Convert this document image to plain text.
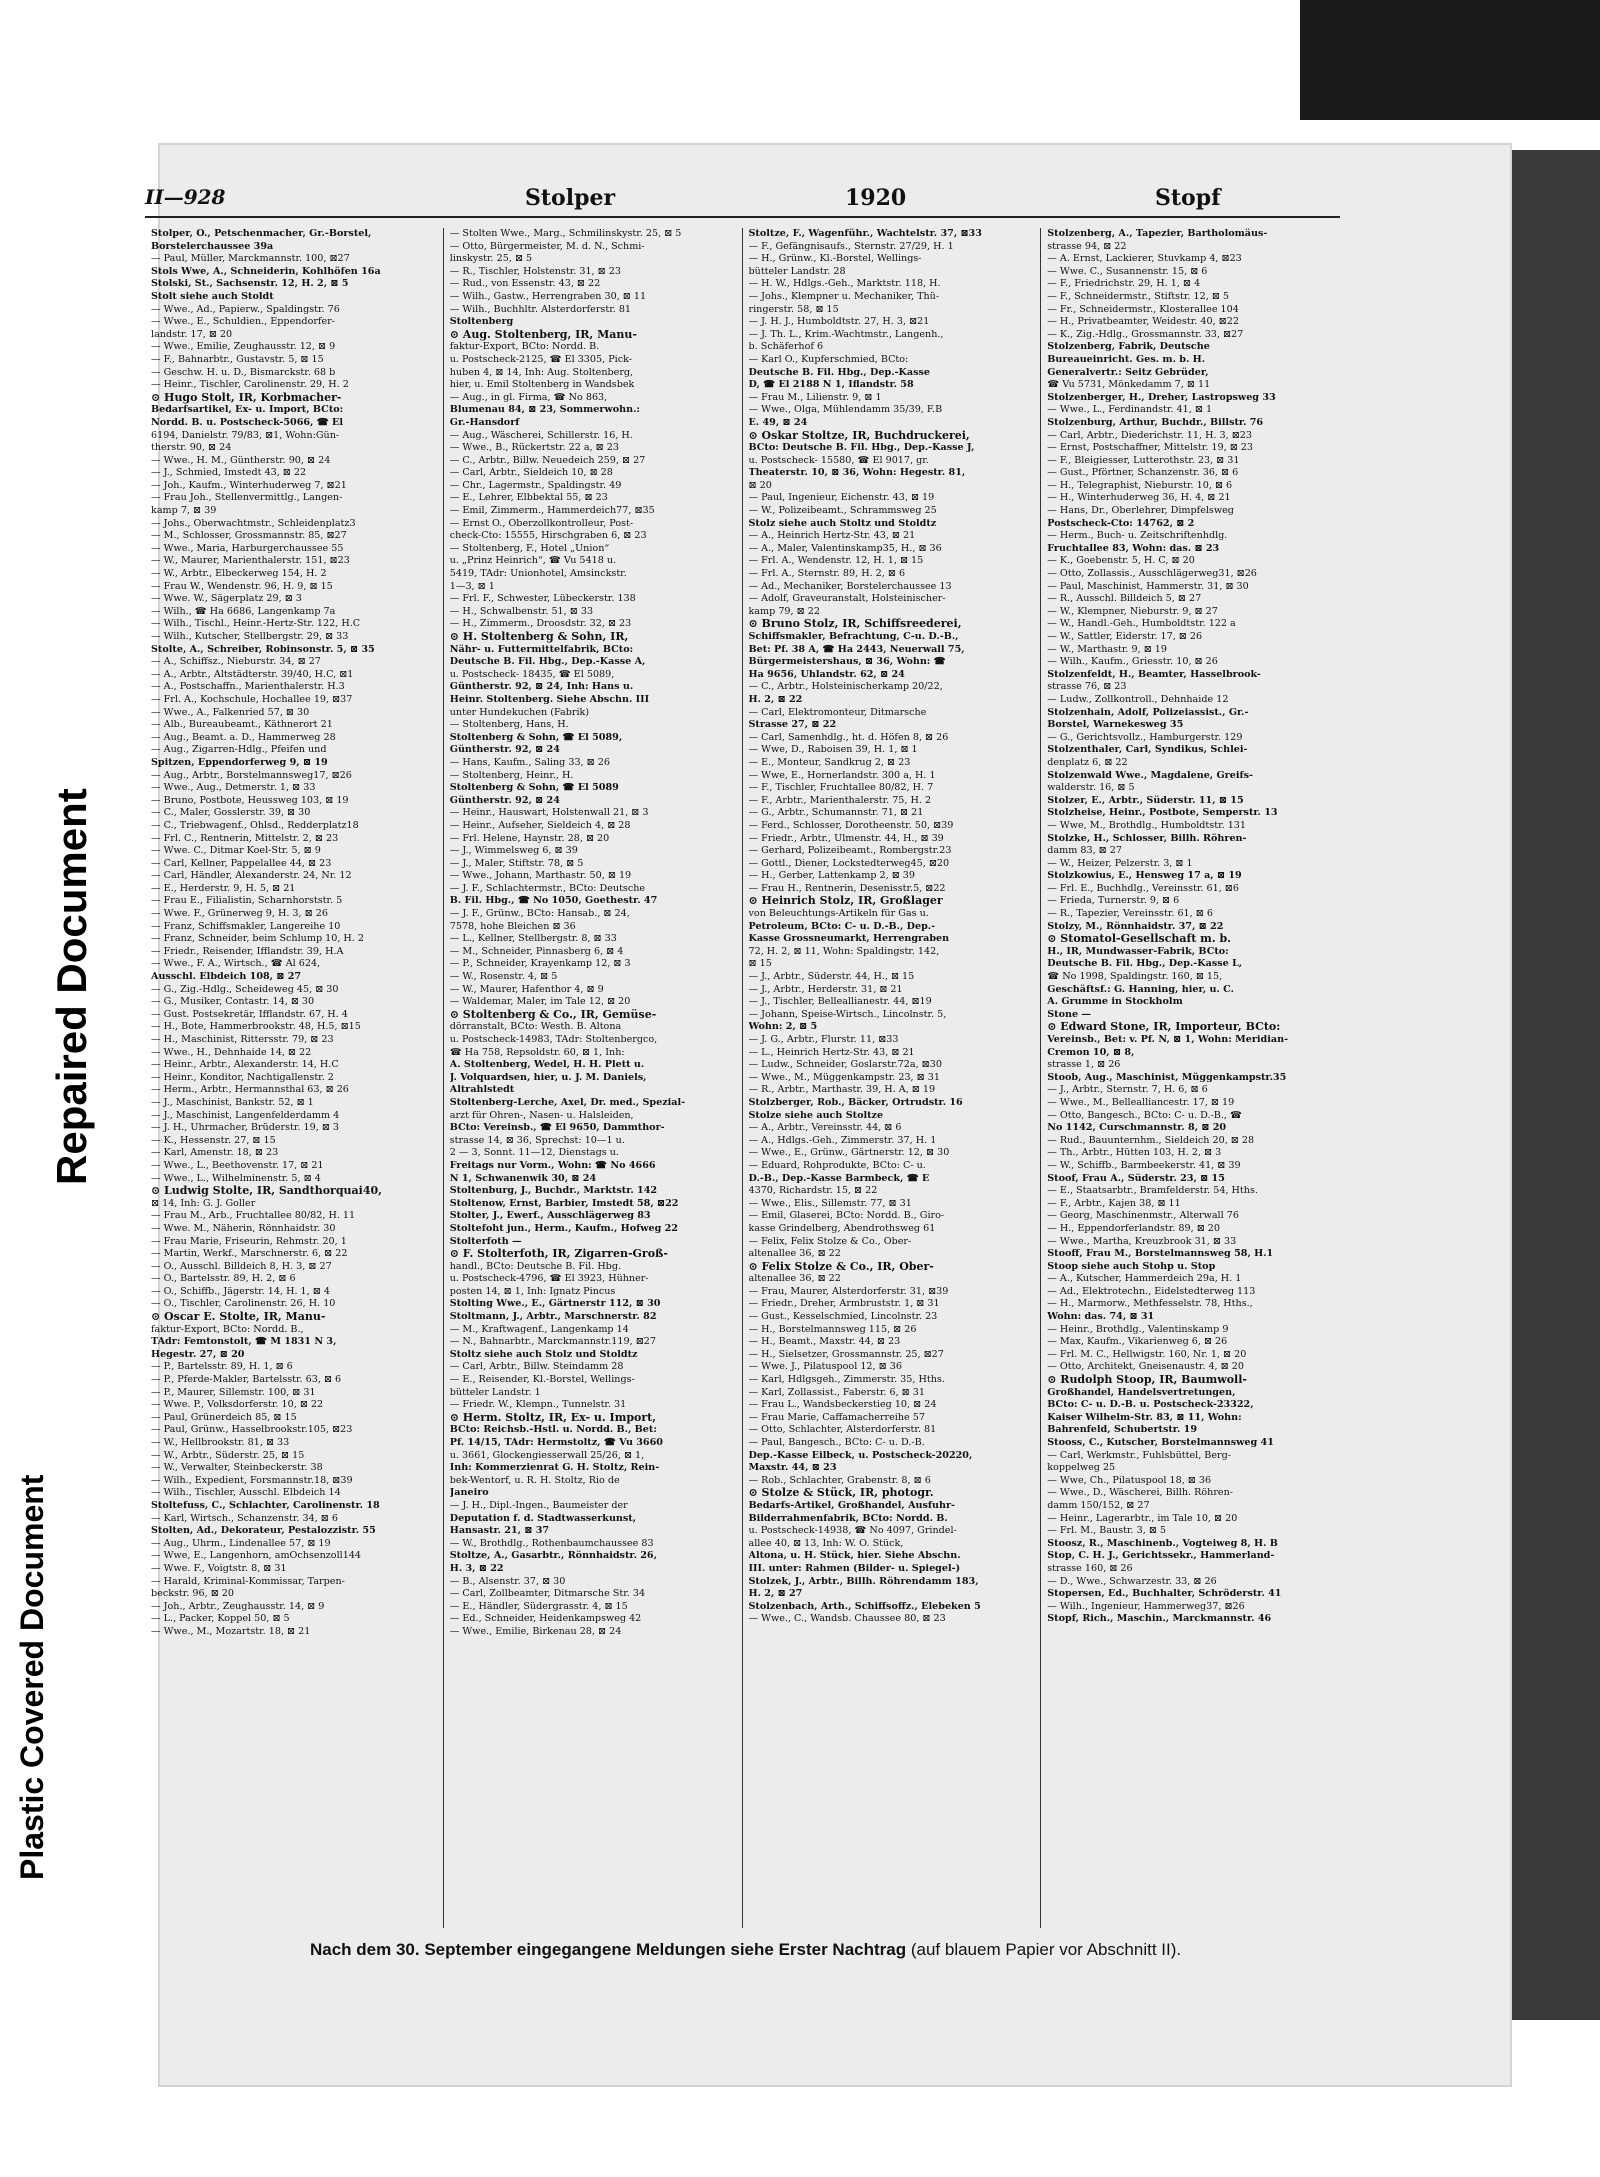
Repaired Document
Plastic Covered Document
II—928	Stolper	1920	Stopf
Stolper, O., Petschenmacher, Gr.-Borstel,
Borstelerchaussee 39a
— Paul, Müller, Marckmannstr. 100, ⊠27
Stols Wwe, A., Schneiderin, Kohlhöfen 16a
Stolski, St., Sachsenstr. 12, H. 2, ⊠ 5
Stolt siehe auch Stoldt
— Wwe., Ad., Papierw., Spaldingstr. 76
— Wwe., E., Schuldien., Eppendorfer-
landstr. 17, ⊠ 20
— Wwe., Emilie, Zeughausstr. 12, ⊠ 9
— F., Bahnarbtr., Gustavstr. 5, ⊠ 15
— Geschw. H. u. D., Bismarckstr. 68 b
— Heinr., Tischler, Carolinenstr. 29, H. 2
⊙ Hugo Stolt, IR, Korbmacher-
Bedarfsartikel, Ex- u. Import, BCto:
Nordd. B. u. Postscheck-5066, ☎ El
6194, Danielstr. 79/83, ⊠1, Wohn:Gün-
therstr. 90, ⊠ 24
— Wwe., H. M., Güntherstr. 90, ⊠ 24
— J., Schmied, Imstedt 43, ⊠ 22
— Joh., Kaufm., Winterhuderweg 7, ⊠21
— Frau Joh., Stellenvermittlg., Langen-
kamp 7, ⊠ 39
— Johs., Oberwachtmstr., Schleidenplatz3
— M., Schlosser, Grossmannstr. 85, ⊠27
— Wwe., Maria, Harburgerchaussee 55
— W., Maurer, Marienthalerstr. 151, ⊠23
— W., Arbtr., Elbeckerweg 154, H. 2
— Frau W., Wendenstr. 96, H. 9, ⊠ 15
— Wwe. W., Sägerplatz 29, ⊠ 3
— Wilh., ☎ Ha 6686, Langenkamp 7a
— Wilh., Tischl., Heinr.-Hertz-Str. 122, H.C
— Wilh., Kutscher, Stellbergstr. 29, ⊠ 33
Stolte, A., Schreiber, Robinsonstr. 5, ⊠ 35
— A., Schiffsz., Nieburstr. 34, ⊠ 27
— A., Arbtr., Altstädterstr. 39/40, H.C, ⊠1
— A., Postschaffn., Marienthalerstr. H.3
— Frl. A., Kochschule, Hochallee 19, ⊠37
— Wwe., A., Falkenried 57, ⊠ 30
— Alb., Bureaubeamt., Käthnerort 21
— Aug., Beamt. a. D., Hammerweg 28
— Aug., Zigarren-Hdlg., Pfeifen und
Spitzen, Eppendorferweg 9, ⊠ 19
— Aug., Arbtr., Borstelmannsweg17, ⊠26
— Wwe., Aug., Detmerstr. 1, ⊠ 33
— Bruno, Postbote, Heussweg 103, ⊠ 19
— C., Maler, Gosslerstr. 39, ⊠ 30
— C., Triebwagenf., Ohlsd., Redderplatz18
— Frl. C., Rentnerin, Mittelstr. 2, ⊠ 23
— Wwe. C., Ditmar Koel-Str. 5, ⊠ 9
— Carl, Kellner, Pappelallee 44, ⊠ 23
— Carl, Händler, Alexanderstr. 24, Nr. 12
— E., Herderstr. 9, H. 5, ⊠ 21
— Frau E., Filialistin, Scharnhorststr. 5
— Wwe. F., Grünerweg 9, H. 3, ⊠ 26
— Franz, Schiffsmakler, Langereihe 10
— Franz, Schneider, beim Schlump 10, H. 2
— Friedr., Reisender, Ifflandstr. 39, H.A
— Wwe., F. A., Wirtsch., ☎ Al 624,
Ausschl. Elbdeich 108, ⊠ 27
— G., Zig.-Hdlg., Scheideweg 45, ⊠ 30
— G., Musiker, Contastr. 14, ⊠ 30
— Gust. Postsekretär, Ifflandstr. 67, H. 4
— H., Bote, Hammerbrookstr. 48, H.5, ⊠15
— H., Maschinist, Rittersstr. 79, ⊠ 23
— Wwe., H., Dehnhaide 14, ⊠ 22
— Heinr., Arbtr., Alexanderstr. 14, H.C
— Heinr., Konditor, Nachtigallenstr. 2
— Herm., Arbtr., Hermannsthal 63, ⊠ 26
— J., Maschinist, Bankstr. 52, ⊠ 1
— J., Maschinist, Langenfelderdamm 4
— J. H., Uhrmacher, Brüderstr. 19, ⊠ 3
— K., Hessenstr. 27, ⊠ 15
— Karl, Amenstr. 18, ⊠ 23
— Wwe., L., Beethovenstr. 17, ⊠ 21
— Wwe., L., Wilhelminenstr. 5, ⊠ 4
⊙ Ludwig Stolte, IR, Sandthorquai40,
⊠ 14, Inh: G. J. Goller
— Frau M., Arb., Fruchtallee 80/82, H. 11
— Wwe. M., Näherin, Rönnhaidstr. 30
— Frau Marie, Friseurin, Rehmstr. 20, 1
— Martin, Werkf., Marschnerstr. 6, ⊠ 22
— O., Ausschl. Billdeich 8, H. 3, ⊠ 27
— O., Bartelsstr. 89, H. 2, ⊠ 6
— O., Schiffb., Jägerstr. 14, H. 1, ⊠ 4
— O., Tischler, Carolinenstr. 26, H. 10
⊙ Oscar E. Stolte, IR, Manu-
faktur-Export, BCto: Nordd. B.,
TAdr: Femtonstolt, ☎ M 1831 N 3,
Hegestr. 27, ⊠ 20
— P., Bartelsstr. 89, H. 1, ⊠ 6
— P., Pferde-Makler, Bartelsstr. 63, ⊠ 6
— P., Maurer, Sillemstr. 100, ⊠ 31
— Wwe. P., Volksdorferstr. 10, ⊠ 22
— Paul, Grünerdeich 85, ⊠ 15
— Paul, Grünw., Hasselbrookstr.105, ⊠23
— W., Hellbrookstr. 81, ⊠ 33
— W., Arbtr., Süderstr. 25, ⊠ 15
— W., Verwalter, Steinbeckerstr. 38
— Wilh., Expedient, Forsmannstr.18, ⊠39
— Wilh., Tischler, Ausschl. Elbdeich 14
Stoltefuss, C., Schlachter, Carolinenstr. 18
— Karl, Wirtsch., Schanzenstr. 34, ⊠ 6
Stolten, Ad., Dekorateur, Pestalozzistr. 55
— Aug., Uhrm., Lindenallee 57, ⊠ 19
— Wwe, E., Langenhorn, amOchsenzoll144
— Wwe. F., Voigtstr. 8, ⊠ 31
— Harald, Kriminal-Kommissar, Tarpen-
beckstr. 96, ⊠ 20
— Joh., Arbtr., Zeughausstr. 14, ⊠ 9
— L., Packer, Koppel 50, ⊠ 5
— Wwe., M., Mozartstr. 18, ⊠ 21
— Stolten Wwe., Marg., Schmilinskystr. 25, ⊠ 5
— Otto, Bürgermeister, M. d. N., Schmi-
linskystr. 25, ⊠ 5
— R., Tischler, Holstenstr. 31, ⊠ 23
— Rud., von Essenstr. 43, ⊠ 22
— Wilh., Gastw., Herrengraben 30, ⊠ 11
— Wilh., Buchhltr. Alsterdorferstr. 81
Stoltenberg
⊙ Aug. Stoltenberg, IR, Manu-
faktur-Export, BCto: Nordd. B.
u. Postscheck-2125, ☎ El 3305, Pick-
huben 4, ⊠ 14, Inh: Aug. Stoltenberg,
hier, u. Emil Stoltenberg in Wandsbek
— Aug., in gl. Firma, ☎ No 863,
Blumenau 84, ⊠ 23, Sommerwohn.:
Gr.-Hansdorf
— Aug., Wäscherei, Schillerstr. 16, H.
— Wwe., B., Rückertstr. 22 a, ⊠ 23
— C., Arbtr., Billw. Neuedeich 259, ⊠ 27
— Carl, Arbtr., Sieldeich 10, ⊠ 28
— Chr., Lagermstr., Spaldingstr. 49
— E., Lehrer, Elbbektal 55, ⊠ 23
— Emil, Zimmerm., Hammerdeich77, ⊠35
— Ernst O., Oberzollkontrolleur, Post-
check-Cto: 15555, Hirschgraben 6, ⊠ 23
— Stoltenberg, F., Hotel „Union“
u. „Prinz Heinrich“, ☎ Vu 5418 u.
5419, TAdr: Unionhotel, Amsinckstr.
1—3, ⊠ 1
— Frl. F., Schwester, Lübeckerstr. 138
— H., Schwalbenstr. 51, ⊠ 33
— H., Zimmerm., Droosdstr. 32, ⊠ 23
⊙ H. Stoltenberg & Sohn, IR,
Nähr- u. Futtermittelfabrik, BCto:
Deutsche B. Fil. Hbg., Dep.-Kasse A,
u. Postscheck- 18435, ☎ El 5089,
Güntherstr. 92, ⊠ 24, Inh: Hans u.
Heinr. Stoltenberg. Siehe Abschn. III
unter Hundekuchen (Fabrik)
— Stoltenberg, Hans, H.
Stoltenberg & Sohn, ☎ El 5089,
Güntherstr. 92, ⊠ 24
— Hans, Kaufm., Saling 33, ⊠ 26
— Stoltenberg, Heinr., H.
Stoltenberg & Sohn, ☎ El 5089
Güntherstr. 92, ⊠ 24
— Heinr., Hauswart, Holstenwall 21, ⊠ 3
— Heinr., Aufseher, Sieldeich 4, ⊠ 28
— Frl. Helene, Haynstr. 28, ⊠ 20
— J., Wimmelsweg 6, ⊠ 39
— J., Maler, Stiftstr. 78, ⊠ 5
— Wwe., Johann, Marthastr. 50, ⊠ 19
— J. F., Schlachtermstr., BCto: Deutsche
B. Fil. Hbg., ☎ No 1050, Goethestr. 47
— J. F., Grünw., BCto: Hansab., ⊠ 24,
7578, hohe Bleichen ⊠ 36
— L., Kellner, Stellbergstr. 8, ⊠ 33
— M., Schneider, Pinnasberg 6, ⊠ 4
— P., Schneider, Krayenkamp 12, ⊠ 3
— W., Rosenstr. 4, ⊠ 5
— W., Maurer, Hafenthor 4, ⊠ 9
— Waldemar, Maler, im Tale 12, ⊠ 20
⊙ Stoltenberg & Co., IR, Gemüse-
dörranstalt, BCto: Westh. B. Altona
u. Postscheck-14983, TAdr: Stoltenbergco,
☎ Ha 758, Repsoldstr. 60, ⊠ 1, Inh:
A. Stoltenberg, Wedel, H. H. Plett u.
J. Volquardsen, hier, u. J. M. Daniels,
Altrahlstedt
Stoltenberg-Lerche, Axel, Dr. med., Spezial-
arzt für Ohren-, Nasen- u. Halsleiden,
BCto: Vereinsb., ☎ El 9650, Dammthor-
strasse 14, ⊠ 36, Sprechst: 10—1 u.
2 — 3, Sonnt. 11—12, Dienstags u.
Freitags nur Vorm., Wohn: ☎ No 4666
N 1, Schwanenwik 30, ⊠ 24
Stoltenburg, J., Buchdr., Marktstr. 142
Stoltenow, Ernst, Barbier, Imstedt 58, ⊠22
Stolter, J., Ewerf., Ausschlägerweg 83
Stoltefoht jun., Herm., Kaufm., Hofweg 22
Stolterfoth —
⊙ F. Stolterfoth, IR, Zigarren-Groß-
handl., BCto: Deutsche B. Fil. Hbg.
u. Postscheck-4796, ☎ El 3923, Hühner-
posten 14, ⊠ 1, Inh: Ignatz Pincus
Stolting Wwe., E., Gärtnerstr 112, ⊠ 30
Stoltmann, J., Arbtr., Marschnerstr. 82
— M., Kraftwagenf., Langenkamp 14
— N., Bahnarbtr., Marckmannstr.119, ⊠27
Stoltz siehe auch Stolz und Stoldtz
— Carl, Arbtr., Billw. Steindamm 28
— E., Reisender, Kl.-Borstel, Wellings-
bütteler Landstr. 1
— Friedr. W., Klempn., Tunnelstr. 31
⊙ Herm. Stoltz, IR, Ex- u. Import,
BCto: Reichsb.-Hstl. u. Nordd. B., Bet:
Pf. 14/15, TAdr: Hermstoltz, ☎ Vu 3660
u. 3661, Glockengiesserwall 25/26, ⊠ 1,
Inh: Kommerzienrat G. H. Stoltz, Rein-
bek-Wentorf, u. R. H. Stoltz, Rio de
Janeiro
— J. H., Dipl.-Ingen., Baumeister der
Deputation f. d. Stadtwasserkunst,
Hansastr. 21, ⊠ 37
— W., Brothdlg., Rothenbaumchaussee 83
Stoltze, A., Gasarbtr., Rönnhaidstr. 26,
H. 3, ⊠ 22
— B., Alsenstr. 37, ⊠ 30
— Carl, Zollbeamter, Ditmarsche Str. 34
— E., Händler, Südergrasstr. 4, ⊠ 15
— Ed., Schneider, Heidenkampsweg 42
— Wwe., Emilie, Birkenau 28, ⊠ 24
Stoltze, F., Wagenführ., Wachtelstr. 37, ⊠33
— F., Gefängnisaufs., Sternstr. 27/29, H. 1
— H., Grünw., Kl.-Borstel, Wellings-
bütteler Landstr. 28
— H. W., Hdlgs.-Geh., Marktstr. 118, H.
— Johs., Klempner u. Mechaniker, Thü-
ringerstr. 58, ⊠ 15
— J. H. J., Humboldtstr. 27, H. 3, ⊠21
— J. Th. L., Krim.-Wachtmstr., Langenh.,
b. Schäferhof 6
— Karl O., Kupferschmied, BCto:
Deutsche B. Fil. Hbg., Dep.-Kasse
D, ☎ El 2188 N 1, Iflandstr. 58
— Frau M., Lilienstr. 9, ⊠ 1
— Wwe., Olga, Mühlendamm 35/39, F.B
E. 49, ⊠ 24
⊙ Oskar Stoltze, IR, Buchdruckerei,
BCto: Deutsche B. Fil. Hbg., Dep.-Kasse J,
u. Postscheck- 15580, ☎ El 9017, gr.
Theaterstr. 10, ⊠ 36, Wohn: Hegestr. 81,
⊠ 20
— Paul, Ingenieur, Eichenstr. 43, ⊠ 19
— W., Polizeibeamt., Schrammsweg 25
Stolz siehe auch Stoltz und Stoldtz
— A., Heinrich Hertz-Str. 43, ⊠ 21
— A., Maler, Valentinskamp35, H., ⊠ 36
— Frl. A., Wendenstr. 12, H. 1, ⊠ 15
— Frl. A., Sternstr. 89, H. 2, ⊠ 6
— Ad., Mechaniker, Borstelerchaussee 13
— Adolf, Graveuranstalt, Holsteinischer-
kamp 79, ⊠ 22
⊙ Bruno Stolz, IR, Schiffsreederei,
Schiffsmakler, Befrachtung, C-u. D.-B.,
Bet: Pf. 38 A, ☎ Ha 2443, Neuerwall 75,
Bürgermeistershaus, ⊠ 36, Wohn: ☎
Ha 9656, Uhlandstr. 62, ⊠ 24
— C., Arbtr., Holsteinischerkamp 20/22,
H. 2, ⊠ 22
— Carl, Elektromonteur, Ditmarsche
Strasse 27, ⊠ 22
— Carl, Samenhdlg., ht. d. Höfen 8, ⊠ 26
— Wwe, D., Raboisen 39, H. 1, ⊠ 1
— E., Monteur, Sandkrug 2, ⊠ 23
— Wwe, E., Hornerlandstr. 300 a, H. 1
— F., Tischler, Fruchtallee 80/82, H. 7
— F., Arbtr., Marienthalerstr. 75, H. 2
— G., Arbtr., Schumannstr. 71, ⊠ 21
— Ferd., Schlosser, Dorotheenstr. 50, ⊠39
— Friedr., Arbtr., Ulmenstr. 44, H., ⊠ 39
— Gerhard, Polizeibeamt., Rombergstr.23
— Gottl., Diener, Lockstedterweg45, ⊠20
— H., Gerber, Lattenkamp 2, ⊠ 39
— Frau H., Rentnerin, Desenisstr.5, ⊠22
⊙ Heinrich Stolz, IR, Großlager
von Beleuchtungs-Artikeln für Gas u.
Petroleum, BCto: C- u. D.-B., Dep.-
Kasse Grossneumarkt, Herrengraben
72, H. 2, ⊠ 11, Wohn: Spaldingstr. 142,
⊠ 15
— J., Arbtr., Süderstr. 44, H., ⊠ 15
— J., Arbtr., Herderstr. 31, ⊠ 21
— J., Tischler, Belleallianestr. 44, ⊠19
— Johann, Speise-Wirtsch., Lincolnstr. 5,
Wohn: 2, ⊠ 5
— J. G., Arbtr., Flurstr. 11, ⊠33
— L., Heinrich Hertz-Str. 43, ⊠ 21
— Ludw., Schneider, Goslarstr.72a, ⊠30
— Wwe., M., Müggenkampstr. 23, ⊠ 31
— R., Arbtr., Marthastr. 39, H. A, ⊠ 19
Stolzberger, Rob., Bäcker, Ortrudstr. 16
Stolze siehe auch Stoltze
— A., Arbtr., Vereinsstr. 44, ⊠ 6
— A., Hdlgs.-Geh., Zimmerstr. 37, H. 1
— Wwe., E., Grünw., Gärtnerstr. 12, ⊠ 30
— Eduard, Rohprodukte, BCto: C- u.
D.-B., Dep.-Kasse Barmbeck, ☎ E
4370, Richardstr. 15, ⊠ 22
— Wwe., Elis., Sillemstr. 77, ⊠ 31
— Emil, Glaserei, BCto: Nordd. B., Giro-
kasse Grindelberg, Abendrothsweg 61
— Felix, Felix Stolze & Co., Ober-
altenallee 36, ⊠ 22
⊙ Felix Stolze & Co., IR, Ober-
altenallee 36, ⊠ 22
— Frau, Maurer, Alsterdorferstr. 31, ⊠39
— Friedr., Dreher, Armbruststr. 1, ⊠ 31
— Gust., Kesselschmied, Lincolnstr. 23
— H., Borstelmannsweg 115, ⊠ 26
— H., Beamt., Maxstr. 44, ⊠ 23
— H., Sielsetzer, Grossmannstr. 25, ⊠27
— Wwe. J., Pilatuspool 12, ⊠ 36
— Karl, Hdlgsgeh., Zimmerstr. 35, Hths.
— Karl, Zollassist., Faberstr. 6, ⊠ 31
— Frau L., Wandsbeckerstieg 10, ⊠ 24
— Frau Marie, Caffamacherreihe 57
— Otto, Schlachter, Alsterdorferstr. 81
— Paul, Bangesch., BCto: C- u. D.-B.
Dep.-Kasse Eilbeck, u. Postscheck-20220,
Maxstr. 44, ⊠ 23
— Rob., Schlachter, Grabenstr. 8, ⊠ 6
⊙ Stolze & Stück, IR, photogr.
Bedarfs-Artikel, Großhandel, Ausfuhr-
Bilderrahmenfabrik, BCto: Nordd. B.
u. Postscheck-14938, ☎ No 4097, Grindel-
allee 40, ⊠ 13, Inh: W. O. Stück,
Altona, u. H. Stück, hier. Siehe Abschn.
III. unter: Rahmen (Bilder- u. Spiegel-)
Stolzek, J., Arbtr., Billh. Röhrendamm 183,
H. 2, ⊠ 27
Stolzenbach, Arth., Schiffsoffz., Elebeken 5
— Wwe., C., Wandsb. Chaussee 80, ⊠ 23
Stolzenberg, A., Tapezier, Bartholomäus-
strasse 94, ⊠ 22
— A. Ernst, Lackierer, Stuvkamp 4, ⊠23
— Wwe. C., Susannenstr. 15, ⊠ 6
— F., Friedrichstr. 29, H. 1, ⊠ 4
— F., Schneidermstr., Stiftstr. 12, ⊠ 5
— Fr., Schneidermstr., Klosterallee 104
— H., Privatbeamter, Weidestr. 40, ⊠22
— K., Zig.-Hdlg., Grossmannstr. 33, ⊠27
Stolzenberg, Fabrik, Deutsche
Bureaueinricht. Ges. m. b. H.
Generalvertr.: Seitz Gebrüder,
☎ Vu 5731, Mönkedamm 7, ⊠ 11
Stolzenberger, H., Dreher, Lastropsweg 33
— Wwe., L., Ferdinandstr. 41, ⊠ 1
Stolzenburg, Arthur, Buchdr., Billstr. 76
— Carl, Arbtr., Diederichstr. 11, H. 3, ⊠23
— Ernst, Postschaffner, Mittelstr. 19, ⊠ 23
— F., Bleigiesser, Lutterothstr. 23, ⊠ 31
— Gust., Pförtner, Schanzenstr. 36, ⊠ 6
— H., Telegraphist, Nieburstr. 10, ⊠ 6
— H., Winterhuderweg 36, H. 4, ⊠ 21
— Hans, Dr., Oberlehrer, Dimpfelsweg
Postscheck-Cto: 14762, ⊠ 2
— Herm., Buch- u. Zeitschriftenhdlg.
Fruchtallee 83, Wohn: das. ⊠ 23
— K., Goebenstr. 5, H. C, ⊠ 20
— Otto, Zollassis., Ausschlägerweg31, ⊠26
— Paul, Maschinist, Hammerstr. 31, ⊠ 30
— R., Ausschl. Billdeich 5, ⊠ 27
— W., Klempner, Nieburstr. 9, ⊠ 27
— W., Handl.-Geh., Humboldtstr. 122 a
— W., Sattler, Eiderstr. 17, ⊠ 26
— W., Marthastr. 9, ⊠ 19
— Wilh., Kaufm., Griesstr. 10, ⊠ 26
Stolzenfeldt, H., Beamter, Hasselbrook-
strasse 76, ⊠ 23
— Ludw., Zollkontroll., Dehnhaide 12
Stolzenhain, Adolf, Polizeiassist., Gr.-
Borstel, Warnekesweg 35
— G., Gerichtsvollz., Hamburgerstr. 129
Stolzenthaler, Carl, Syndikus, Schlei-
denplatz 6, ⊠ 22
Stolzenwald Wwe., Magdalene, Greifs-
walderstr. 16, ⊠ 5
Stolzer, E., Arbtr., Süderstr. 11, ⊠ 15
Stolzheise, Heinr., Postbote, Semperstr. 13
— Wwe, M., Brothdlg., Humboldtstr. 131
Stolzke, H., Schlosser, Billh. Röhren-
damm 83, ⊠ 27
— W., Heizer, Pelzerstr. 3, ⊠ 1
Stolzkowius, E., Hensweg 17 a, ⊠ 19
— Frl. E., Buchhdlg., Vereinsstr. 61, ⊠6
— Frieda, Turnerstr. 9, ⊠ 6
— R., Tapezier, Vereinsstr. 61, ⊠ 6
Stolzy, M., Rönnhaidstr. 37, ⊠ 22
⊙ Stomatol-Gesellschaft m. b.
H., IR, Mundwasser-Fabrik, BCto:
Deutsche B. Fil. Hbg., Dep.-Kasse L,
☎ No 1998, Spaldingstr. 160, ⊠ 15,
Geschäftsf.: G. Hanning, hier, u. C.
A. Grumme in Stockholm
Stone —
⊙ Edward Stone, IR, Importeur, BCto:
Vereinsb., Bet: v. Pf. N, ⊠ 1, Wohn: Meridian-
Cremon 10, ⊠ 8,
strasse 1, ⊠ 26
Stoob, Aug., Maschinist, Müggenkampstr.35
— J., Arbtr., Sternstr. 7, H. 6, ⊠ 6
— Wwe., M., Bellealliancestr. 17, ⊠ 19
— Otto, Bangesch., BCto: C- u. D.-B., ☎
No 1142, Curschmannstr. 8, ⊠ 20
— Rud., Bauunternhm., Sieldeich 20, ⊠ 28
— Th., Arbtr., Hütten 103, H. 2, ⊠ 3
— W., Schiffb., Barmbeekerstr. 41, ⊠ 39
Stoof, Frau A., Süderstr. 23, ⊠ 15
— E., Staatsarbtr., Bramfelderstr. 54, Hths.
— F., Arbtr., Kajen 38, ⊠ 11
— Georg, Maschinenmstr., Alterwall 76
— H., Eppendorferlandstr. 89, ⊠ 20
— Wwe., Martha, Kreuzbrook 31, ⊠ 33
Stooff, Frau M., Borstelmannsweg 58, H.1
Stoop siehe auch Stohp u. Stop
— A., Kutscher, Hammerdeich 29a, H. 1
— Ad., Elektrotechn., Eidelstedterweg 113
— H., Marmorw., Methfesselstr. 78, Hths.,
Wohn: das. 74, ⊠ 31
— Heinr., Brothdlg., Valentinskamp 9
— Max, Kaufm., Vikarienweg 6, ⊠ 26
— Frl. M. C., Hellwigstr. 160, Nr. 1, ⊠ 20
— Otto, Architekt, Gneisenaustr. 4, ⊠ 20
⊙ Rudolph Stoop, IR, Baumwoll-
Großhandel, Handelsvertretungen,
BCto: C- u. D.-B. u. Postscheck-23322,
Kaiser Wilhelm-Str. 83, ⊠ 11, Wohn:
Bahrenfeld, Schubertstr. 19
Stooss, C., Kutscher, Borstelmannsweg 41
— Carl, Werkmstr., Fuhlsbüttel, Berg-
koppelweg 25
— Wwe, Ch., Pilatuspool 18, ⊠ 36
— Wwe., D., Wäscherei, Billh. Röhren-
damm 150/152, ⊠ 27
— Heinr., Lagerarbtr., im Tale 10, ⊠ 20
— Frl. M., Baustr. 3, ⊠ 5
Stoosz, R., Maschinenb., Vogteiweg 8, H. B
Stop, C. H. J., Gerichtssekr., Hammerland-
strasse 160, ⊠ 26
— D., Wwe., Schwarzestr. 33, ⊠ 26
Stopersen, Ed., Buchhalter, Schröderstr. 41
— Wilh., Ingenieur, Hammerweg37, ⊠26
Stopf, Rich., Maschin., Marckmannstr. 46
Nach dem 30. September eingegangene Meldungen siehe Erster Nachtrag (auf blauem Papier vor Abschnitt II).
